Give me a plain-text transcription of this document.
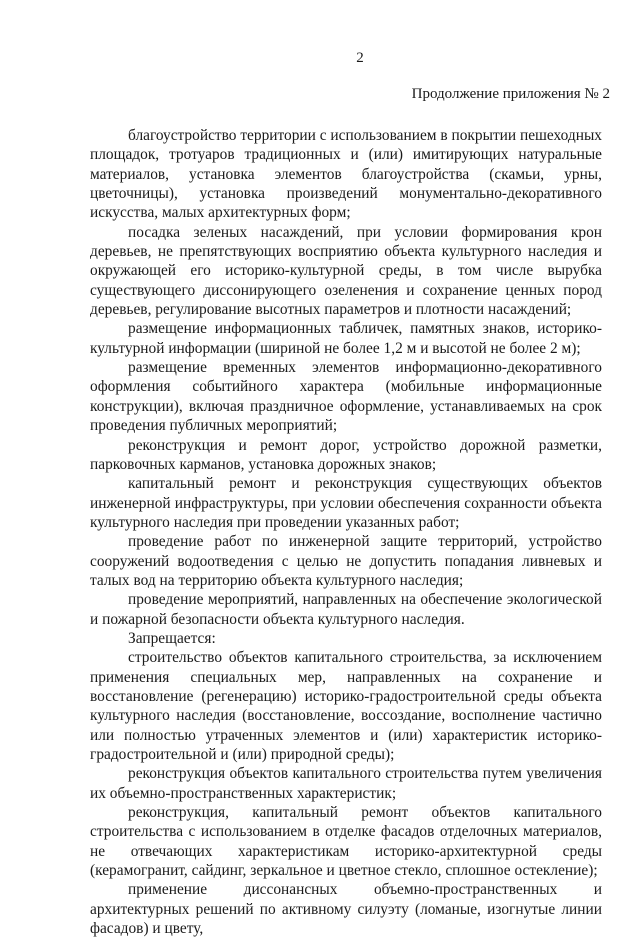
2
Продолжение приложения № 2

благоустройство территории с использованием в покрытии пешеходных площадок, тротуаров традиционных и (или) имитирующих натуральные материалов, установка элементов благоустройства (скамьи, урны, цветочницы), установка произведений монументально-декоративного искусства, малых архитектурных форм;

посадка зеленых насаждений, при условии формирования крон деревьев, не препятствующих восприятию объекта культурного наследия и окружающей его историко-культурной среды, в том числе вырубка существующего диссонирующего озеленения и сохранение ценных пород деревьев, регулирование высотных параметров и плотности насаждений;

размещение информационных табличек, памятных знаков, историко-культурной информации (шириной не более 1,2 м и высотой не более 2 м);

размещение временных элементов информационно-декоративного оформления событийного характера (мобильные информационные конструкции), включая праздничное оформление, устанавливаемых на срок проведения публичных мероприятий;

реконструкция и ремонт дорог, устройство дорожной разметки, парковочных карманов, установка дорожных знаков;

капитальный ремонт и реконструкция существующих объектов инженерной инфраструктуры, при условии обеспечения сохранности объекта культурного наследия при проведении указанных работ;

проведение работ по инженерной защите территорий, устройство сооружений водоотведения с целью не допустить попадания ливневых и талых вод на территорию объекта культурного наследия;

проведение мероприятий, направленных на обеспечение экологической и пожарной безопасности объекта культурного наследия.

Запрещается:

строительство объектов капитального строительства, за исключением применения специальных мер, направленных на сохранение и восстановление (регенерацию) историко-градостроительной среды объекта культурного наследия (восстановление, воссоздание, восполнение частично или полностью утраченных элементов и (или) характеристик историко-градостроительной и (или) природной среды);

реконструкция объектов капитального строительства путем увеличения их объемно-пространственных характеристик;

реконструкция, капитальный ремонт объектов капитального строительства с использованием в отделке фасадов отделочных материалов, не отвечающих характеристикам историко-архитектурной среды (керамогранит, сайдинг, зеркальное и цветное стекло, сплошное остекление);

применение диссонансных объемно-пространственных и архитектурных решений по активному силуэту (ломаные, изогнутые линии фасадов) и цвету,
